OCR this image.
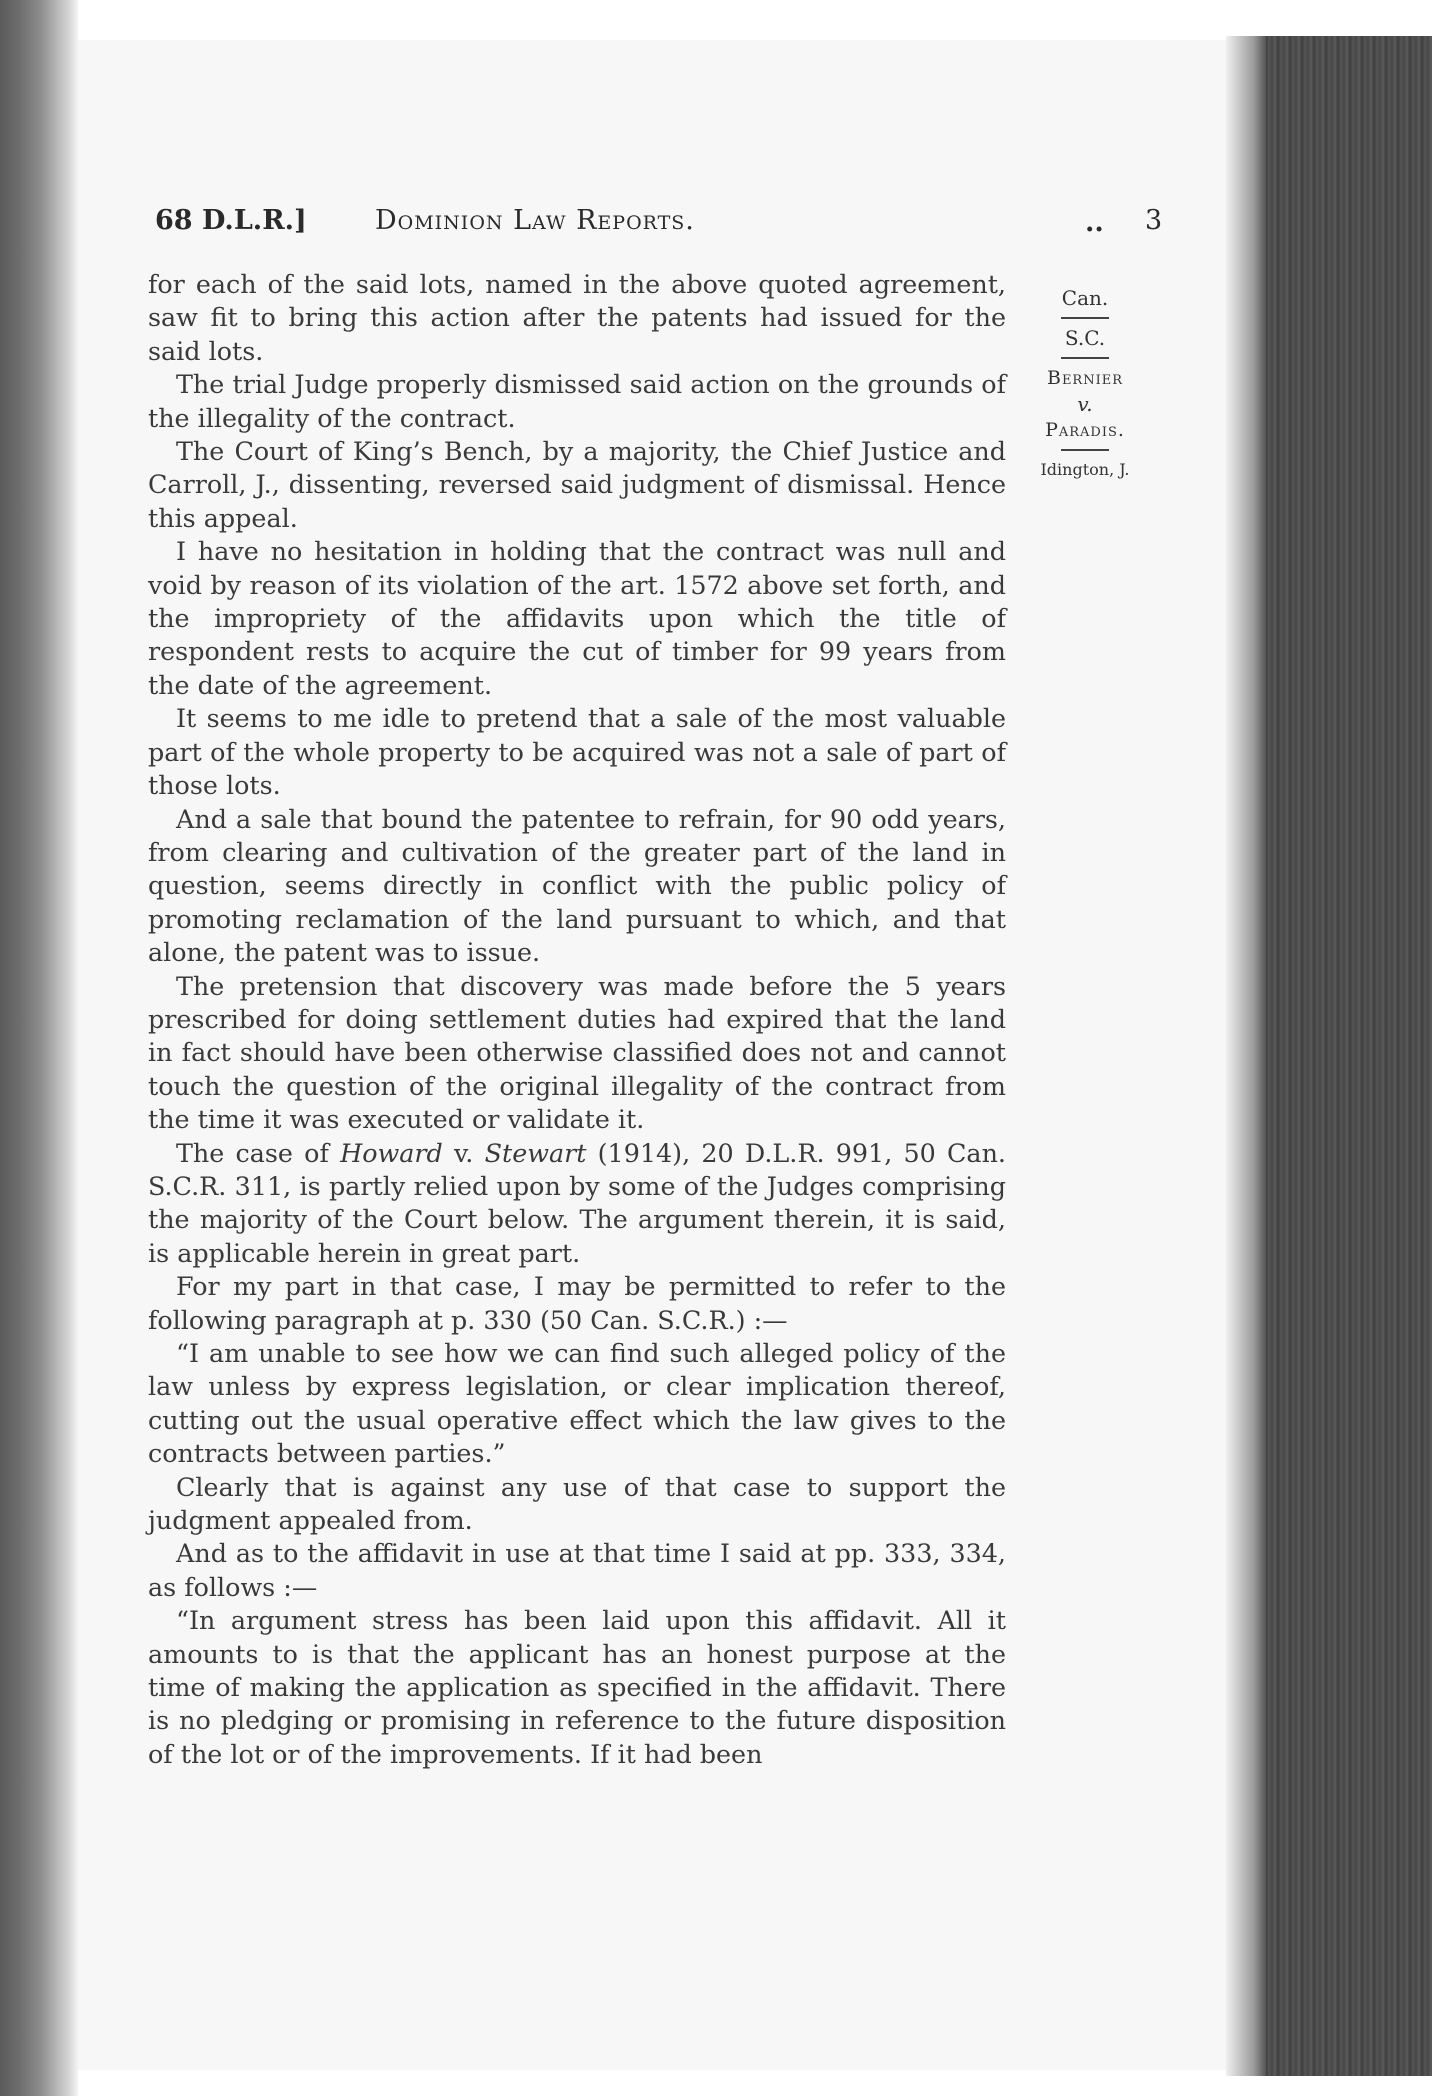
68 D.L.R.]	Dominion Law Reports.	.. 3
Can.
S.C.
Bernier
v.
Paradis.
Idington, J.

for each of the said lots, named in the above quoted agreement, saw fit to bring this action after the patents had issued for the said lots.

The trial Judge properly dismissed said action on the grounds of the illegality of the contract.

The Court of King’s Bench, by a majority, the Chief Justice and Carroll, J., dissenting, reversed said judgment of dismissal. Hence this appeal.

I have no hesitation in holding that the contract was null and void by reason of its violation of the art. 1572 above set forth, and the impropriety of the affidavits upon which the title of respondent rests to acquire the cut of timber for 99 years from the date of the agreement.

It seems to me idle to pretend that a sale of the most valuable part of the whole property to be acquired was not a sale of part of those lots.

And a sale that bound the patentee to refrain, for 90 odd years, from clearing and cultivation of the greater part of the land in question, seems directly in conflict with the public policy of promoting reclamation of the land pursuant to which, and that alone, the patent was to issue.

The pretension that discovery was made before the 5 years prescribed for doing settlement duties had expired that the land in fact should have been otherwise classified does not and cannot touch the question of the original illegality of the contract from the time it was executed or validate it.

The case of Howard v. Stewart (1914), 20 D.L.R. 991, 50 Can. S.C.R. 311, is partly relied upon by some of the Judges comprising the majority of the Court below. The argument therein, it is said, is applicable herein in great part.

For my part in that case, I may be permitted to refer to the following paragraph at p. 330 (50 Can. S.C.R.) :—

“I am unable to see how we can find such alleged policy of the law unless by express legislation, or clear implication thereof, cutting out the usual operative effect which the law gives to the contracts between parties.”

Clearly that is against any use of that case to support the judgment appealed from.

And as to the affidavit in use at that time I said at pp. 333, 334, as follows :—

“In argument stress has been laid upon this affidavit. All it amounts to is that the applicant has an honest purpose at the time of making the application as specified in the affidavit. There is no pledging or promising in reference to the future disposition of the lot or of the improvements. If it had been
